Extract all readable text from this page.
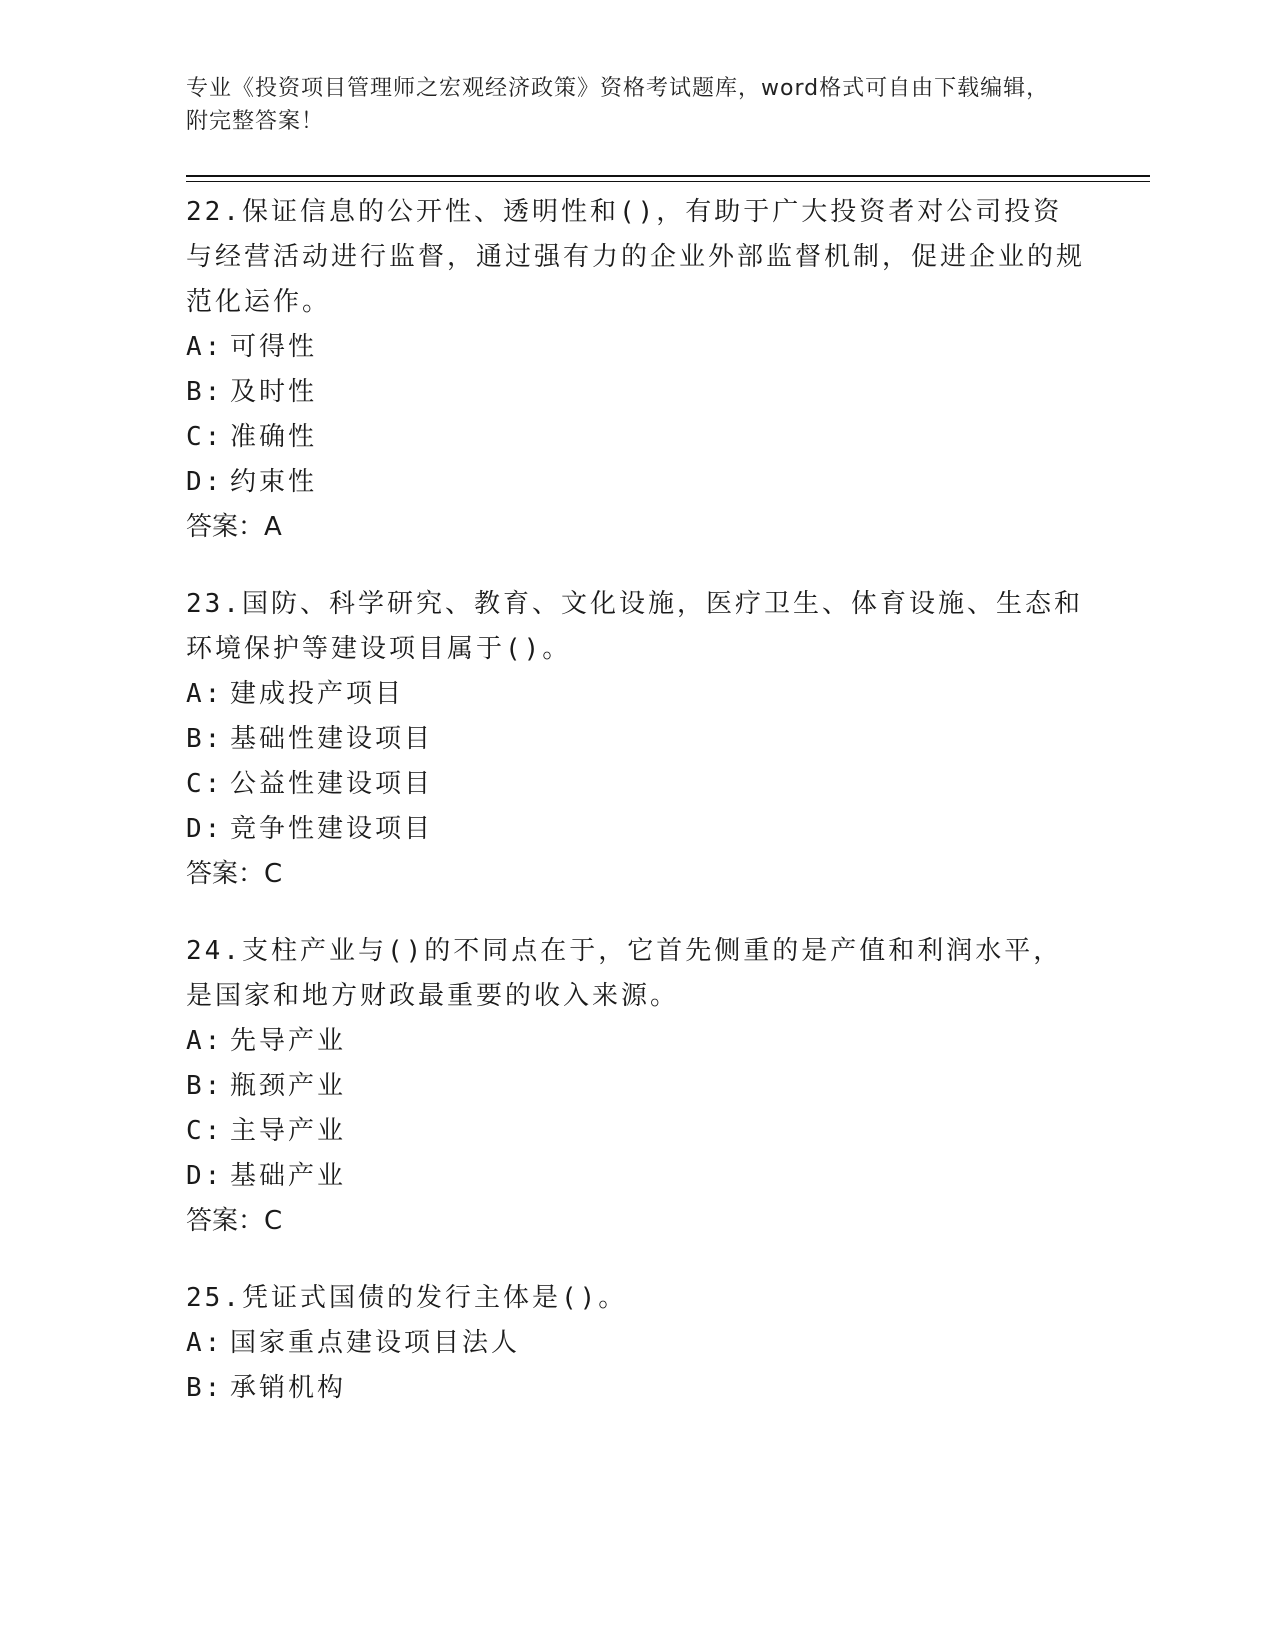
专业《投资项目管理师之宏观经济政策》资格考试题库，word格式可自由下载编辑，附完整答案！

22.保证信息的公开性、透明性和()，有助于广大投资者对公司投资与经营活动进行监督，通过强有力的企业外部监督机制，促进企业的规范化运作。

A: 可得性

B: 及时性

C: 准确性

D: 约束性

答案：A

23.国防、科学研究、教育、文化设施，医疗卫生、体育设施、生态和环境保护等建设项目属于()。

A: 建成投产项目

B: 基础性建设项目

C: 公益性建设项目

D: 竞争性建设项目

答案：C

24.支柱产业与()的不同点在于，它首先侧重的是产值和利润水平，是国家和地方财政最重要的收入来源。

A: 先导产业

B: 瓶颈产业

C: 主导产业

D: 基础产业

答案：C

25.凭证式国债的发行主体是()。

A: 国家重点建设项目法人

B: 承销机构
